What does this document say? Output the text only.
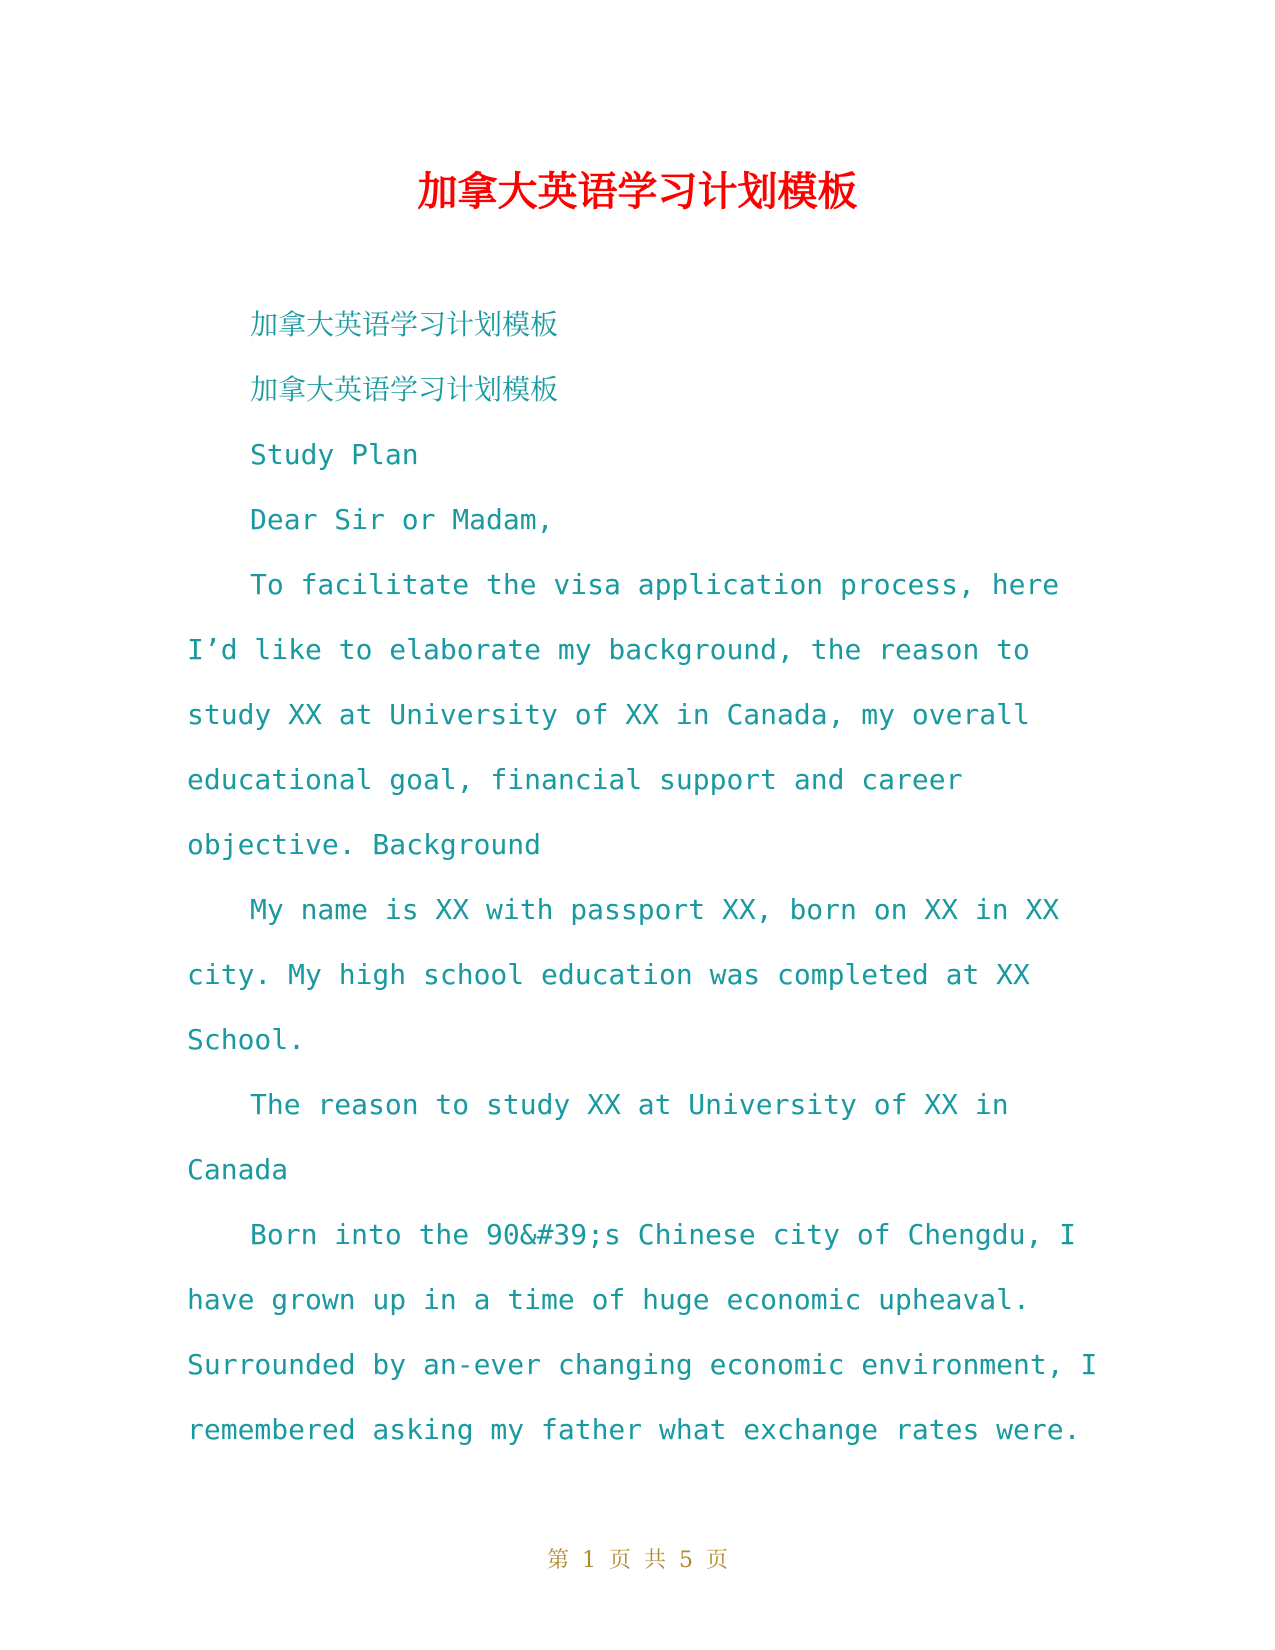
加拿大英语学习计划模板

加拿大英语学习计划模板

加拿大英语学习计划模板

Study Plan

Dear Sir or Madam,

To facilitate the visa application process, here
I’d like to elaborate my background, the reason to
study XX at University of XX in Canada, my overall
educational goal, financial support and career
objective. Background
My name is XX with passport XX, born on XX in XX
city. My high school education was completed at XX
School.
The reason to study XX at University of XX in
Canada
Born into the 90&#39;s Chinese city of Chengdu, I
have grown up in a time of huge economic upheaval.
Surrounded by an-ever changing economic environment, I
remembered asking my father what exchange rates were.
第 1 页 共 5 页
